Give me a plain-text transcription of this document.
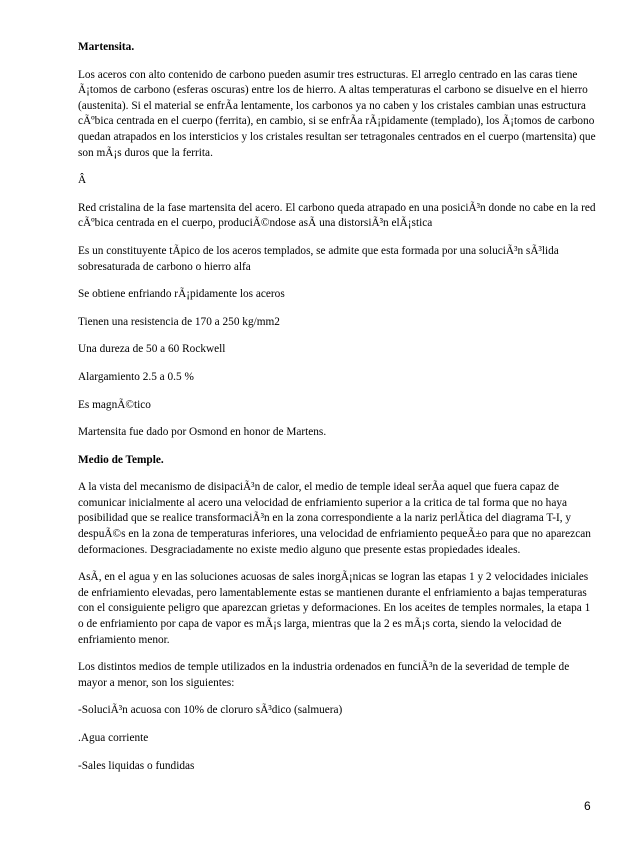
Martensita.

Los aceros con alto contenido de carbono pueden asumir tres estructuras. El arreglo centrado en las caras tiene Ã¡tomos de carbono (esferas oscuras) entre los de hierro. A altas temperaturas el carbono se disuelve en el hierro (austenita). Si el material se enfrÃa lentamente, los carbonos ya no caben y los cristales cambian unas estructura cÃºbica centrada en el cuerpo (ferrita), en cambio, si se enfrÃa rÃ¡pidamente (templado), los Ã¡tomos de carbono quedan atrapados en los intersticios y los cristales resultan ser tetragonales centrados en el cuerpo (martensita) que son mÃ¡s duros que la ferrita.

Â

Red cristalina de la fase martensita del acero. El carbono queda atrapado en una posiciÃ³n donde no cabe en la red cÃºbica centrada en el cuerpo, produciÃ©ndose asÃ una distorsiÃ³n elÃ¡stica

Es un constituyente tÃpico de los aceros templados, se admite que esta formada por una soluciÃ³n sÃ³lida sobresaturada de carbono o hierro alfa

Se obtiene enfriando rÃ¡pidamente los aceros

Tienen una resistencia de 170 a 250 kg/mm2

Una dureza de 50 a 60 Rockwell

Alargamiento 2.5 a 0.5 %

Es magnÃ©tico

Martensita fue dado por Osmond en honor de Martens.

Medio de Temple.

A la vista del mecanismo de disipaciÃ³n de calor, el medio de temple ideal serÃa aquel que fuera capaz de comunicar inicialmente al acero una velocidad de enfriamiento superior a la critica de tal forma que no haya posibilidad que se realice transformaciÃ³n en la zona correspondiente a la nariz perlÃtica del diagrama T-I, y despuÃ©s en la zona de temperaturas inferiores, una velocidad de enfriamiento pequeÃ±o para que no aparezcan deformaciones. Desgraciadamente no existe medio alguno que presente estas propiedades ideales.

AsÃ, en el agua y en las soluciones acuosas de sales inorgÃ¡nicas se logran las etapas 1 y 2 velocidades iniciales de enfriamiento elevadas, pero lamentablemente estas se mantienen durante el enfriamiento a bajas temperaturas con el consiguiente peligro que aparezcan grietas y deformaciones. En los aceites de temples normales, la etapa 1 o de enfriamiento por capa de vapor es mÃ¡s larga, mientras que la 2 es mÃ¡s corta, siendo la velocidad de enfriamiento menor.

Los distintos medios de temple utilizados en la industria ordenados en funciÃ³n de la severidad de temple de mayor a menor, son los siguientes:

-SoluciÃ³n acuosa con 10% de cloruro sÃ³dico (salmuera)

.Agua corriente

-Sales liquidas o fundidas

6
